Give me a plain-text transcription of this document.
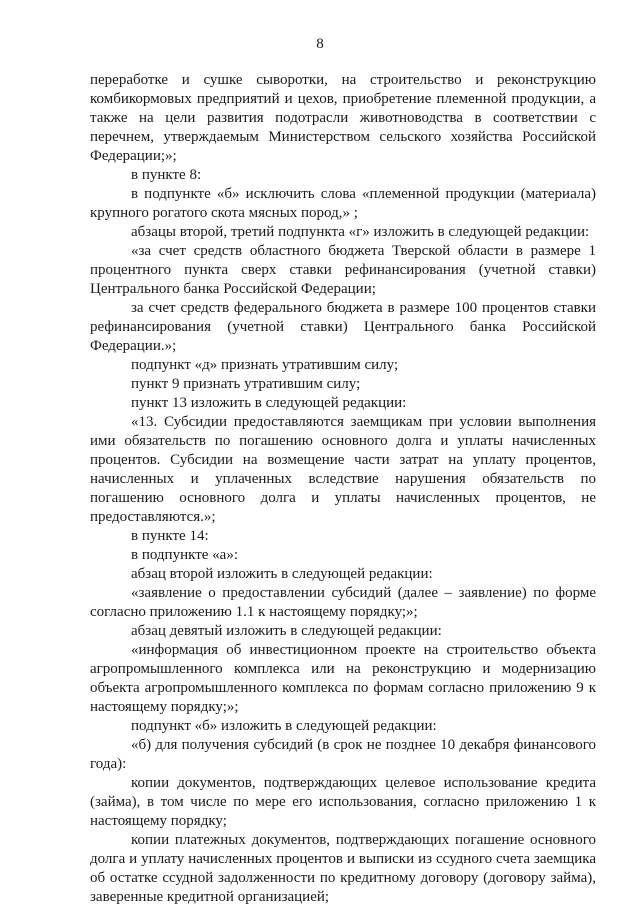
8

переработке и сушке сыворотки, на строительство и реконструкцию комбикормовых предприятий и цехов, приобретение племенной продукции, а также на цели развития подотрасли животноводства в соответствии с перечнем, утверждаемым Министерством сельского хозяйства Российской Федерации;»;

в пункте 8:

в подпункте «б» исключить слова «племенной продукции (материала) крупного рогатого скота мясных пород,» ;

абзацы второй, третий подпункта «г» изложить в следующей редакции:

«за счет средств областного бюджета Тверской области в размере 1 процентного пункта сверх ставки рефинансирования (учетной ставки) Центрального банка Российской Федерации;

за счет средств федерального бюджета в размере 100 процентов ставки рефинансирования (учетной ставки) Центрального банка Российской Федерации.»;

подпункт «д» признать утратившим силу;

пункт 9 признать утратившим силу;

пункт 13 изложить в следующей редакции:

«13. Субсидии предоставляются заемщикам при условии выполнения ими обязательств по погашению основного долга и уплаты начисленных процентов. Субсидии на возмещение части затрат на уплату процентов, начисленных и уплаченных вследствие нарушения обязательств по погашению основного долга и уплаты начисленных процентов, не предоставляются.»;

в пункте 14:

в подпункте «а»:

абзац второй изложить в следующей редакции:

«заявление о предоставлении субсидий (далее – заявление) по форме согласно приложению 1.1 к настоящему порядку;»;

абзац девятый изложить в следующей редакции:

«информация об инвестиционном проекте на строительство объекта агропромышленного комплекса или на реконструкцию и модернизацию объекта агропромышленного комплекса по формам согласно приложению 9 к настоящему порядку;»;

подпункт «б» изложить в следующей редакции:

«б) для получения субсидий (в срок не позднее 10 декабря финансового года):

копии документов, подтверждающих целевое использование кредита (займа), в том числе по мере его использования, согласно приложению 1 к настоящему порядку;

копии платежных документов, подтверждающих погашение основного долга и уплату начисленных процентов и выписки из ссудного счета заемщика об остатке ссудной задолженности по кредитному договору (договору займа), заверенные кредитной организацией;
